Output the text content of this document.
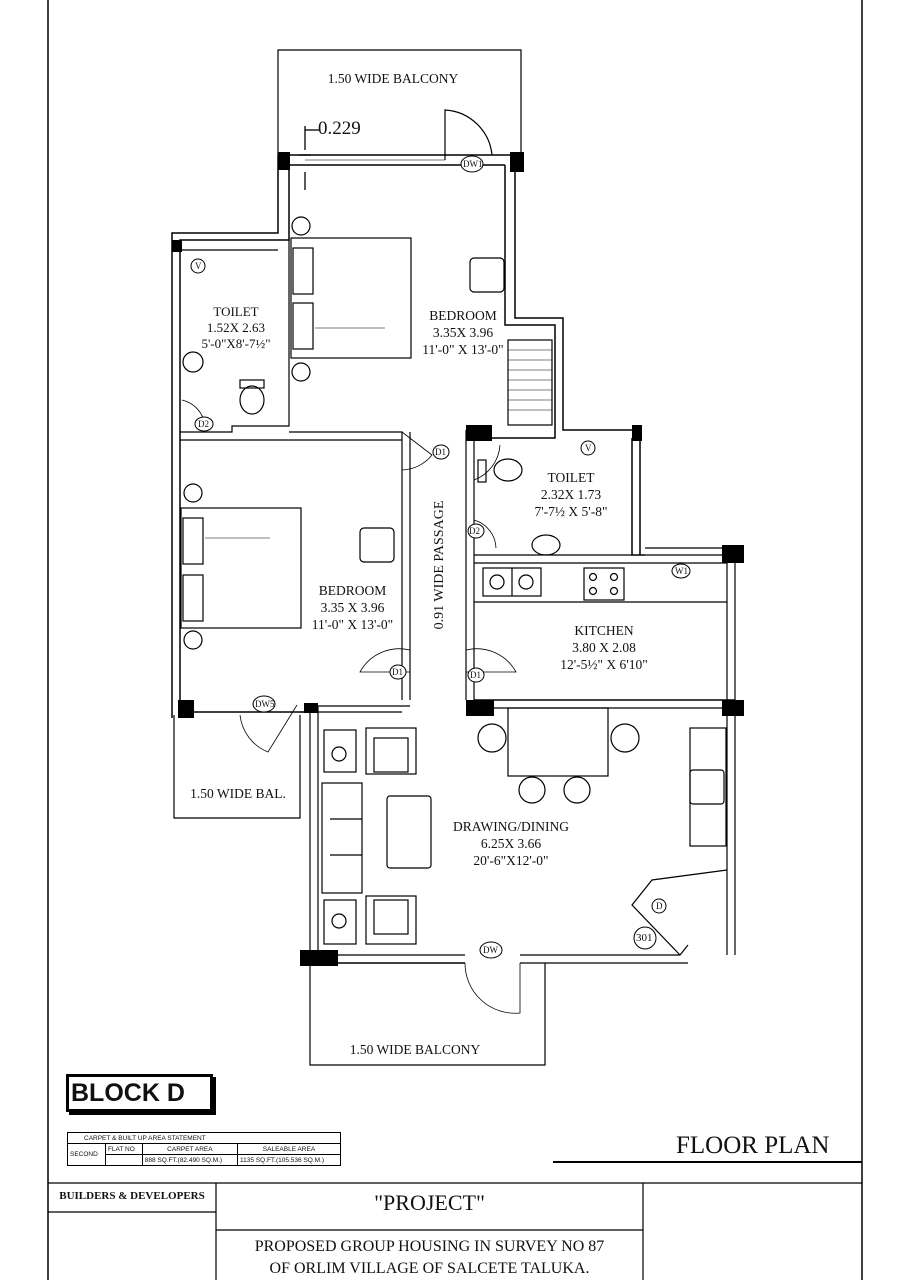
1.50 WIDE BALCONY
0.229
TOILET
1.52X 2.63
5'-0"X8'-7½"
BEDROOM
3.35X 3.96
11'-0" X 13'-0"
TOILET
2.32X 1.73
7'-7½ X 5'-8"
BEDROOM
3.35 X 3.96
11'-0" X 13'-0"	0.91 WIDE PASSAGE
KITCHEN
3.80 X 2.08
12'-5½" X 6'10"
DRAWING/DINING
6.25X 3.66
20'-6"X12'-0"
1.50 WIDE BAL.
1.50 WIDE BALCONY
DW1
V
D2
D1	V
D2
W1
D1	D1
DW5
DW
D
301
BLOCK D
CARPET & BUILT UP AREA STATEMENT			
SECOND	FLAT NO	CARPET AREA	SALEABLE AREA
		888 SQ.FT.(82.490 SQ.M.)	1135 SQ.FT.(105.536 SQ.M.)
FLOOR PLAN
BUILDERS & DEVELOPERS	"PROJECT"
PROPOSED GROUP HOUSING IN SURVEY NO 87
OF ORLIM VILLAGE OF SALCETE TALUKA.
